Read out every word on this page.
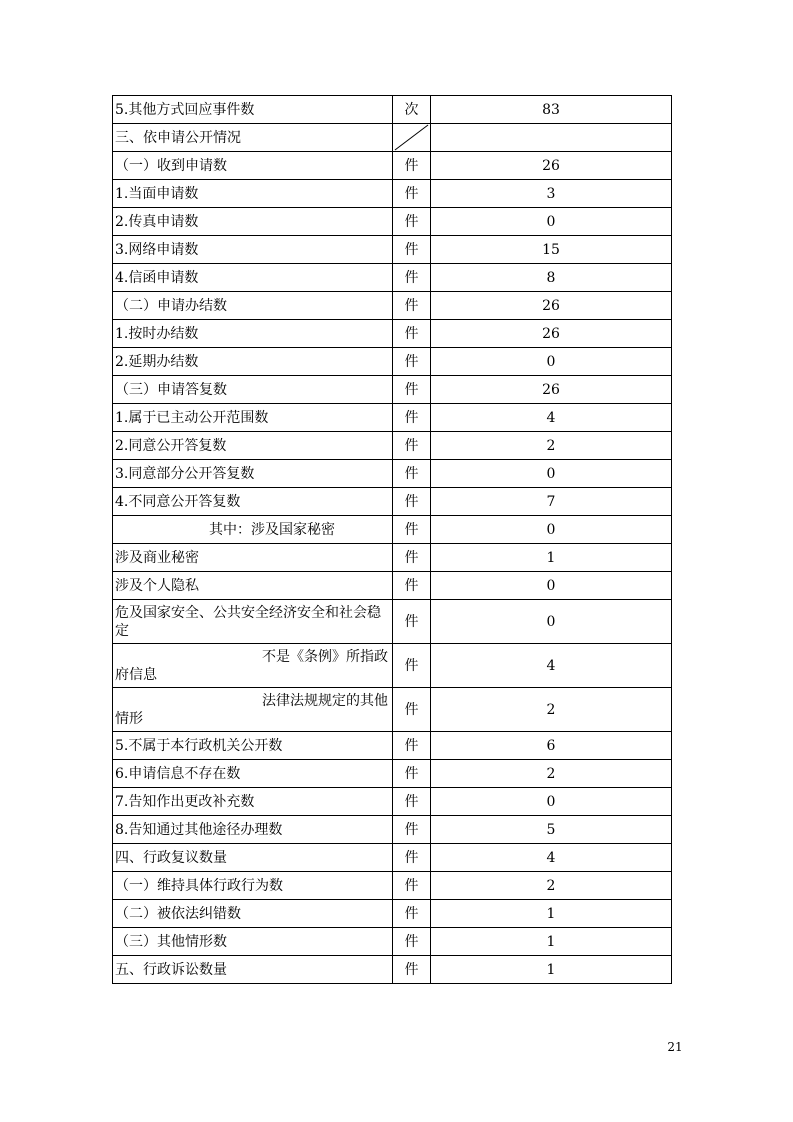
5.其他方式回应事件数	次	83
三、依申请公开情况	

（一）收到申请数	件	26
1.当面申请数	件	3
2.传真申请数	件	0
3.网络申请数	件	15
4.信函申请数	件	8
（二）申请办结数	件	26
1.按时办结数	件	26
2.延期办结数	件	0
（三）申请答复数	件	26
1.属于已主动公开范围数	件	4
2.同意公开答复数	件	2
3.同意部分公开答复数	件	0
4.不同意公开答复数	件	7
其中：涉及国家秘密	件	0
涉及商业秘密	件	1
涉及个人隐私	件	0
危及国家安全、公共安全经济安全和社会稳定	件	0

不是《条例》所指政
府信息	件	4

法律法规规定的其他
情形	件	2
5.不属于本行政机关公开数	件	6
6.申请信息不存在数	件	2
7.告知作出更改补充数	件	0
8.告知通过其他途径办理数	件	5
四、行政复议数量	件	4
（一）维持具体行政行为数	件	2
（二）被依法纠错数	件	1
（三）其他情形数	件	1
五、行政诉讼数量	件	1
21
